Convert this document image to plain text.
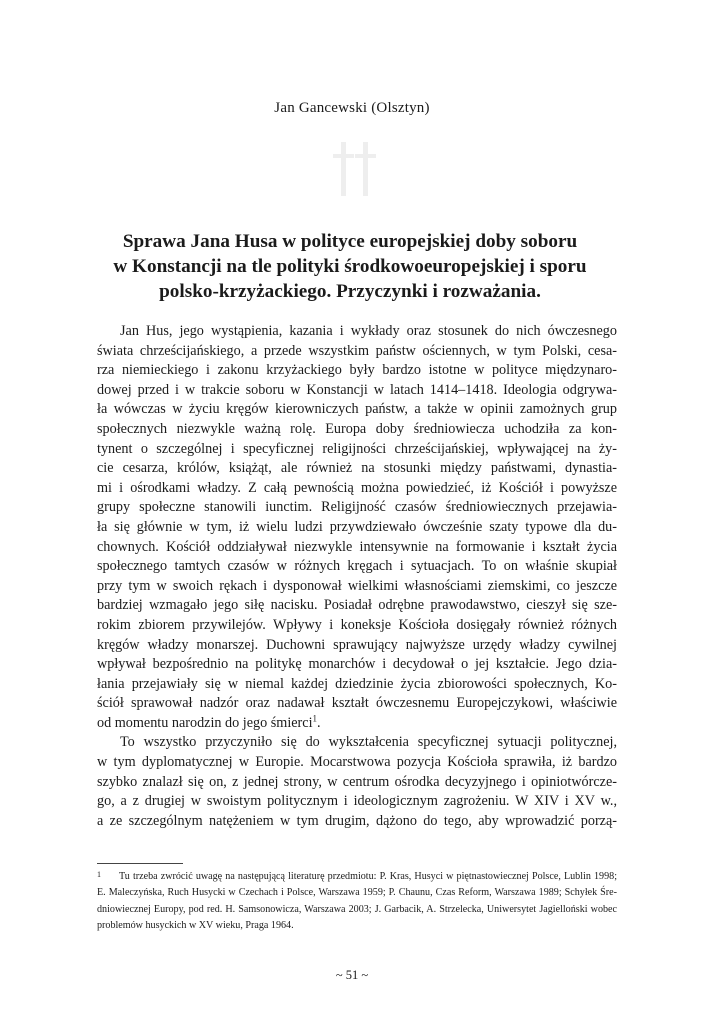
Jan Gancewski (Olsztyn)
Sprawa Jana Husa w polityce europejskiej doby soboru
w Konstancji na tle polityki środkowoeuropejskiej i sporu
polsko-krzyżackiego. Przyczynki i rozważania.
Jan Hus, jego wystąpienia, kazania i wykłady oraz stosunek do nich ówczesnego
świata chrześcijańskiego, a przede wszystkim państw ościennych, w tym Polski, cesa-
rza niemieckiego i zakonu krzyżackiego były bardzo istotne w polityce międzynaro-
dowej przed i w trakcie soboru w Konstancji w latach 1414–1418. Ideologia odgrywa-
ła wówczas w życiu kręgów kierowniczych państw, a także w opinii zamożnych grup
społecznych niezwykle ważną rolę. Europa doby średniowiecza uchodziła za kon-
tynent o szczególnej i specyficznej religijności chrześcijańskiej, wpływającej na ży-
cie cesarza, królów, książąt, ale również na stosunki między państwami, dynastia-
mi i ośrodkami władzy. Z całą pewnością można powiedzieć, iż Kościół i powyższe
grupy społeczne stanowili iunctim. Religijność czasów średniowiecznych przejawia-
ła się głównie w tym, iż wielu ludzi przywdziewało ówcześnie szaty typowe dla du-
chownych. Kościół oddziaływał niezwykle intensywnie na formowanie i kształt życia
społecznego tamtych czasów w różnych kręgach i sytuacjach. To on właśnie skupiał
przy tym w swoich rękach i dysponował wielkimi własnościami ziemskimi, co jeszcze
bardziej wzmagało jego siłę nacisku. Posiadał odrębne prawodawstwo, cieszył się sze-
rokim zbiorem przywilejów. Wpływy i koneksje Kościoła dosięgały również różnych
kręgów władzy monarszej. Duchowni sprawujący najwyższe urzędy władzy cywilnej
wpływał bezpośrednio na politykę monarchów i decydował o jej kształcie. Jego dzia-
łania przejawiały się w niemal każdej dziedzinie życia zbiorowości społecznych, Ko-
ściół sprawował nadzór oraz nadawał kształt ówczesnemu Europejczykowi, właściwie
od momentu narodzin do jego śmierci$^1$.
To wszystko przyczyniło się do wykształcenia specyficznej sytuacji politycznej,
w tym dyplomatycznej w Europie. Mocarstwowa pozycja Kościoła sprawiła, iż bardzo
szybko znalazł się on, z jednej strony, w centrum ośrodka decyzyjnego i opiniotwórcze-
go, a z drugiej w swoistym politycznym i ideologicznym zagrożeniu. W XIV i XV w.,
a ze szczególnym natężeniem w tym drugim, dążono do tego, aby wprowadzić porzą-
1	Tu trzeba zwrócić uwagę na następującą literaturę przedmiotu: P. Kras, Husyci w piętnastowiecznej Polsce, Lublin 1998;
E. Maleczyńska, Ruch Husycki w Czechach i Polsce, Warszawa 1959; P. Chaunu, Czas Reform, Warszawa 1989; Schyłek Śre-
dniowiecznej Europy, pod red. H. Samsonowicza, Warszawa 2003; J. Garbacik, A. Strzelecka, Uniwersytet Jagielloński wobec
problemów husyckich w XV wieku, Praga 1964.
~ 51 ~
